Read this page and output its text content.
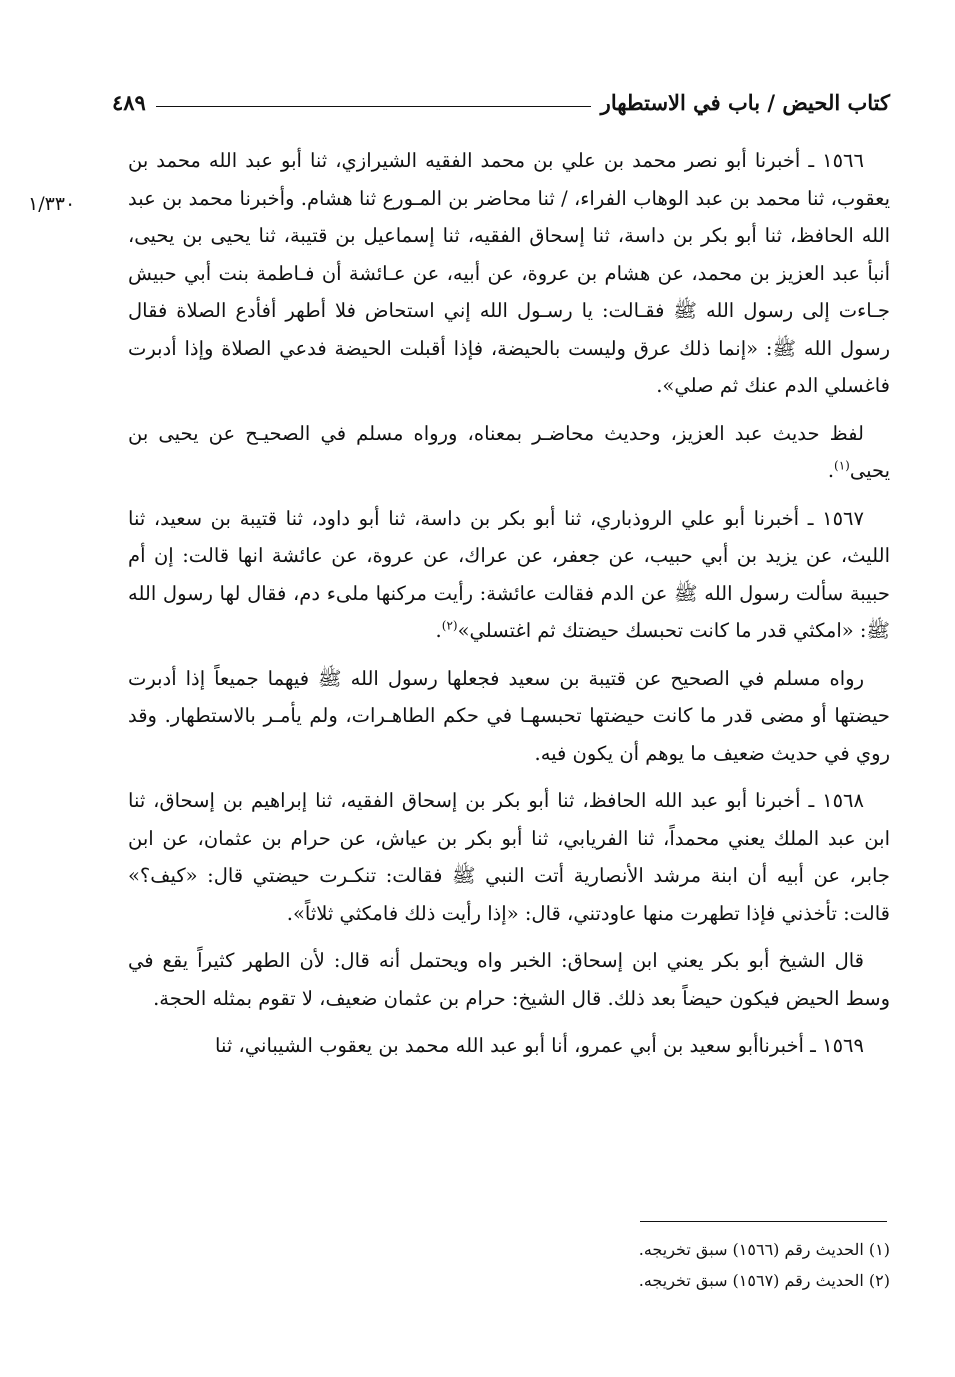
كتاب الحيض / باب في الاستطهار
٤٨٩
١/٣٣٠

١٥٦٦ ـ أخبرنا أبو نصر محمد بن علي بن محمد الفقيه الشيرازي، ثنا أبو عبد الله محمد بن يعقوب، ثنا محمد بن عبد الوهاب الفراء، / ثنا محاضر بن المـورع ثنا هشام. وأخبرنا محمد بن عبد الله الحافظ، ثنا أبو بكر بن داسة، ثنا إسحاق الفقيه، ثنا إسماعيل بن قتيبة، ثنا يحيى بن يحيى، أنبأ عبد العزيز بن محمد، عن هشام بن عروة، عن أبيه، عن عـائشة أن فـاطمة بنت أبي حبيش جـاءت إلى رسول الله ﷺ فقـالت: يا رسـول الله إني استحاض فلا أطهر أفأدع الصلاة فقال رسول الله ﷺ: «إنما ذلك عرق وليست بالحيضة، فإذا أقبلت الحيضة فدعي الصلاة وإذا أدبرت فاغسلي الدم عنك ثم صلي».

لفظ حديث عبد العزيز، وحديث محاضـر بمعناه، ورواه مسلم في الصحيـح عن يحيى بن يحيى$^{(١)}$.

١٥٦٧ ـ أخبرنا أبو علي الروذباري، ثنا أبو بكر بن داسة، ثنا أبو داود، ثنا قتيبة بن سعيد، ثنا الليث، عن يزيد بن أبي حبيب، عن جعفر، عن عراك، عن عروة، عن عائشة انها قالت: إن أم حبيبة سألت رسول الله ﷺ عن الدم فقالت عائشة: رأيت مركنها ملىء دم، فقال لها رسول الله ﷺ: «امكثي قدر ما كانت تحبسك حيضتك ثم اغتسلي»$^{(٢)}$.

رواه مسلم في الصحيح عن قتيبة بن سعيد فجعلها رسول الله ﷺ فيهما جميعاً إذا أدبرت حيضتها أو مضى قدر ما كانت حيضتها تحبسهـا في حكم الطاهـرات، ولم يأمـر بالاستطهار. وقد روي في حديث ضعيف ما يوهم أن يكون فيه.

١٥٦٨ ـ أخبرنا أبو عبد الله الحافظ، ثنا أبو بكر بن إسحاق الفقيه، ثنا إبراهيم بن إسحاق، ثنا ابن عبد الملك يعني محمداً، ثنا الفريابي، ثنا أبو بكر بن عياش، عن حرام بن عثمان، عن ابن جابر، عن أبيه أن ابنة مرشد الأنصارية أتت النبي ﷺ فقالت: تنكـرت حيضتي قال: «كيف؟» قالت: تأخذني فإذا تطهرت منها عاودتني، قال: «إذا رأيت ذلك فامكثي ثلاثاً».

قال الشيخ أبو بكر يعني ابن إسحاق: الخبر واه ويحتمل أنه قال: لأن الطهر كثيراً يقع في وسط الحيض فيكون حيضاً بعد ذلك. قال الشيخ: حرام بن عثمان ضعيف، لا تقوم بمثله الحجة.

١٥٦٩ ـ أخبرناأبو سعيد بن أبي عمرو، أنا أبو عبد الله محمد بن يعقوب الشيباني، ثنا

(١) الحديث رقم (١٥٦٦) سبق تخريجه.

(٢) الحديث رقم (١٥٦٧) سبق تخريجه.
